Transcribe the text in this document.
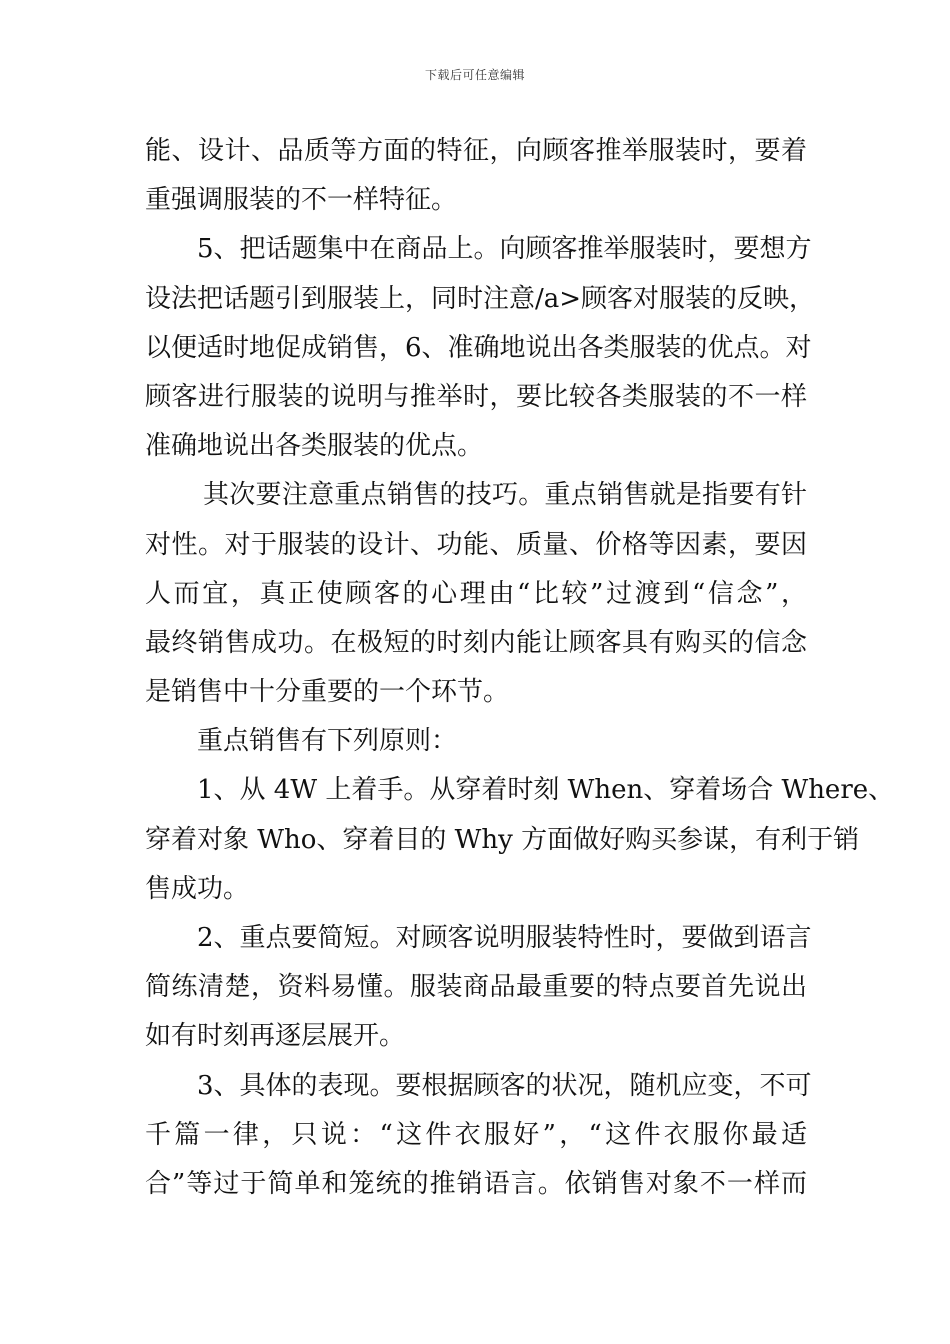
下载后可任意编辑
能、设计、品质等方面的特征，向顾客推举服装时，要着
重强调服装的不一样特征。
5、把话题集中在商品上。向顾客推举服装时，要想方
设法把话题引到服装上，同时注意/a>顾客对服装的反映，
以便适时地促成销售，6、准确地说出各类服装的优点。对
顾客进行服装的说明与推举时，要比较各类服装的不一样
准确地说出各类服装的优点。
其次要注意重点销售的技巧。重点销售就是指要有针
对性。对于服装的设计、功能、质量、价格等因素，要因
人而宜，真正使顾客的心理由“比较”过渡到“信念”，
最终销售成功。在极短的时刻内能让顾客具有购买的信念
是销售中十分重要的一个环节。
重点销售有下列原则：
1、从 4W 上着手。从穿着时刻 When、穿着场合 Where、
穿着对象 Who、穿着目的 Why 方面做好购买参谋，有利于销
售成功。
2、重点要简短。对顾客说明服装特性时，要做到语言
简练清楚，资料易懂。服装商品最重要的特点要首先说出
如有时刻再逐层展开。
3、具体的表现。要根据顾客的状况，随机应变，不可
千篇一律，只说：“这件衣服好”，“这件衣服你最适
合”等过于简单和笼统的推销语言。依销售对象不一样而
